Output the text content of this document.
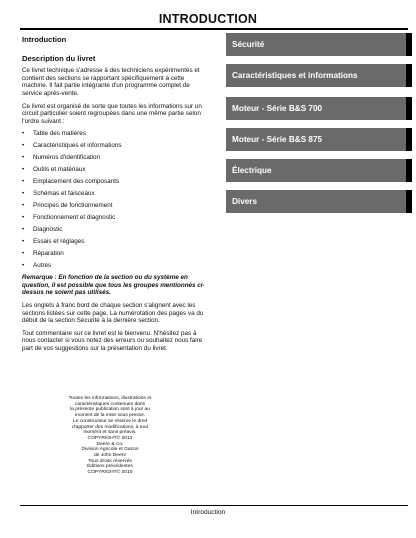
INTRODUCTION
Introduction
Description du livret

Ce livret technique s'adresse à des techniciens expérimentés et contient des sections se rapportant spécifiquement à cette machine. Il fait partie intégrante d'un programme complet de service après-vente.

Ce livret est organisé de sorte que toutes les informations sur un circuit particulier soient regroupées dans une même partie selon l'ordre suivant :

• Table des matières
• Caractéristiques et informations
• Numéros d'identification
• Outils et matériaux
• Emplacement des composants
• Schémas et faisceaux
• Principes de fonctionnement
• Fonctionnement et diagnostic
• Diagnostic
• Essais et réglages
• Réparation
• Autres

Remarque : En fonction de la section ou du système en question, il est possible que tous les groupes mentionnés ci-dessus ne soient pas utilisés.

Les onglets à franc bord de chaque section s'alignent avec les sections listées sur cette page. La numérotation des pages va du début de la section Sécurité à la dernière section.

Tout commentaire sur ce livret est le bienvenu. N'hésitez pas à nous contacter si vous notez des erreurs ou souhaitez nous faire part de vos suggestions sur la présentation du livret.

Toutes les informations, illustrations et
caractéristiques contenues dans
la présente publication sont à jour au
moment de la mise sous presse.
Le constructeur se réserve le droit
d'apporter des modifications, à tout
moment et sans préavis.
COPYRIGHT© 2013
Deere & Co.
Division Agricole et Gazon
de John Deere
Tous droits réservés
Éditions précédentes
COPYRIGHT© 2010
Sécurité
Caractéristiques et informations
Moteur - Série B&S 700
Moteur - Série B&S 875
Électrique
Divers
Introduction
